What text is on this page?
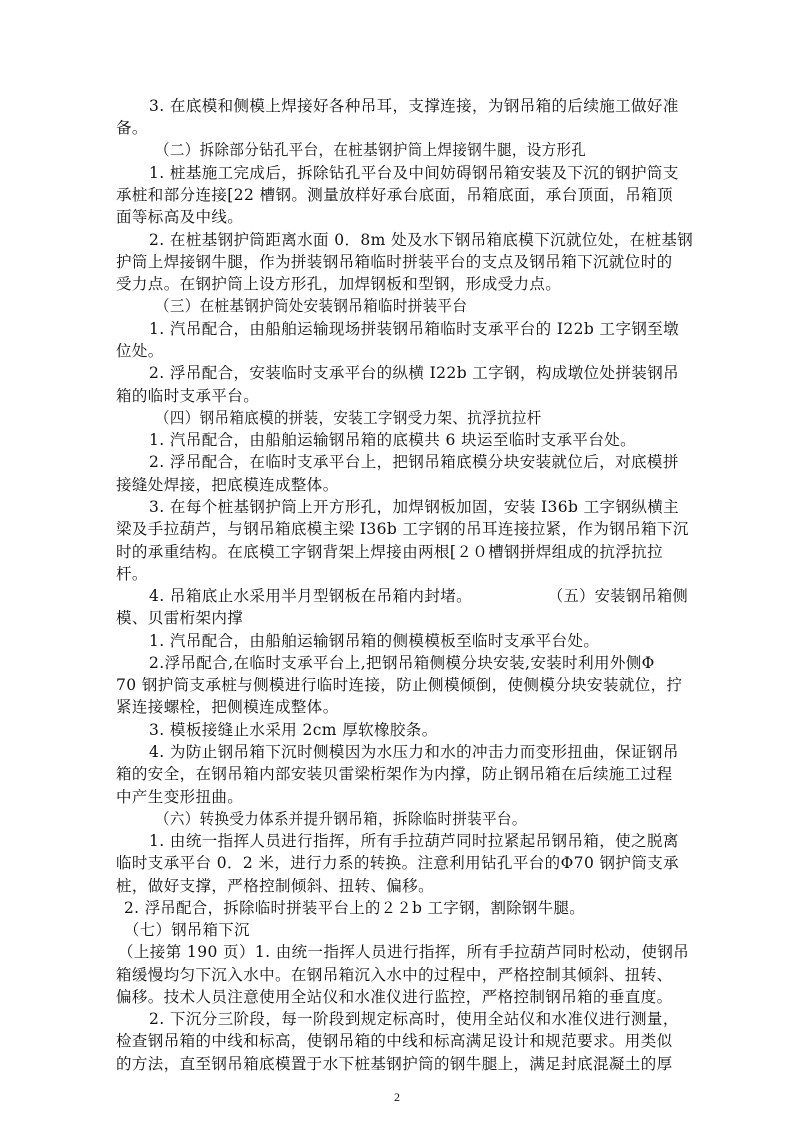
3. 在底模和侧模上焊接好各种吊耳，支撑连接，为钢吊箱的后续施工做好准
备。
（二）拆除部分钻孔平台，在桩基钢护筒上焊接钢牛腿，设方形孔
1. 桩基施工完成后，拆除钻孔平台及中间妨碍钢吊箱安装及下沉的钢护筒支
承桩和部分连接[22 槽钢。测量放样好承台底面，吊箱底面，承台顶面，吊箱顶
面等标高及中线。
2. 在桩基钢护筒距离水面 0．8m 处及水下钢吊箱底模下沉就位处，在桩基钢
护筒上焊接钢牛腿，作为拼装钢吊箱临时拼装平台的支点及钢吊箱下沉就位时的
受力点。在钢护筒上设方形孔，加焊钢板和型钢，形成受力点。
（三）在桩基钢护筒处安装钢吊箱临时拼装平台
1. 汽吊配合，由船舶运输现场拼装钢吊箱临时支承平台的 I22b 工字钢至墩
位处。
2. 浮吊配合，安装临时支承平台的纵横 I22b 工字钢，构成墩位处拼装钢吊
箱的临时支承平台。
（四）钢吊箱底模的拼装，安装工字钢受力架、抗浮抗拉杆
1. 汽吊配合，由船舶运输钢吊箱的底模共 6 块运至临时支承平台处。
2. 浮吊配合，在临时支承平台上，把钢吊箱底模分块安装就位后，对底模拼
接缝处焊接，把底模连成整体。
3. 在每个桩基钢护筒上开方形孔，加焊钢板加固，安装 I36b 工字钢纵横主
梁及手拉葫芦，与钢吊箱底模主梁 I36b 工字钢的吊耳连接拉紧，作为钢吊箱下沉
时的承重结构。在底模工字钢背架上焊接由两根[２０槽钢拼焊组成的抗浮抗拉
杆。
4. 吊箱底止水采用半月型钢板在吊箱内封堵。	（五）安装钢吊箱侧
模、贝雷桁架内撑
1. 汽吊配合，由船舶运输钢吊箱的侧模模板至临时支承平台处。
2.浮吊配合,在临时支承平台上,把钢吊箱侧模分块安装,安装时利用外侧Φ
70 钢护筒支承桩与侧模进行临时连接，防止侧模倾倒，使侧模分块安装就位，拧
紧连接螺栓，把侧模连成整体。
3. 模板接缝止水采用 2cm 厚软橡胶条。
4. 为防止钢吊箱下沉时侧模因为水压力和水的冲击力而变形扭曲，保证钢吊
箱的安全，在钢吊箱内部安装贝雷梁桁架作为内撑，防止钢吊箱在后续施工过程
中产生变形扭曲。
（六）转换受力体系并提升钢吊箱，拆除临时拼装平台。
1. 由统一指挥人员进行指挥，所有手拉葫芦同时拉紧起吊钢吊箱，使之脱离
临时支承平台 0．2 米，进行力系的转换。注意利用钻孔平台的Φ70 钢护筒支承
桩，做好支撑，严格控制倾斜、扭转、偏移。
2. 浮吊配合，拆除临时拼装平台上的２２b 工字钢，割除钢牛腿。
（七）钢吊箱下沉
（上接第 190 页）1. 由统一指挥人员进行指挥，所有手拉葫芦同时松动，使钢吊
箱缓慢均匀下沉入水中。在钢吊箱沉入水中的过程中，严格控制其倾斜、扭转、
偏移。技术人员注意使用全站仪和水准仪进行监控，严格控制钢吊箱的垂直度。
2. 下沉分三阶段，每一阶段到规定标高时，使用全站仪和水准仪进行测量，
检查钢吊箱的中线和标高，使钢吊箱的中线和标高满足设计和规范要求。用类似
的方法，直至钢吊箱底模置于水下桩基钢护筒的钢牛腿上，满足封底混凝土的厚
2
